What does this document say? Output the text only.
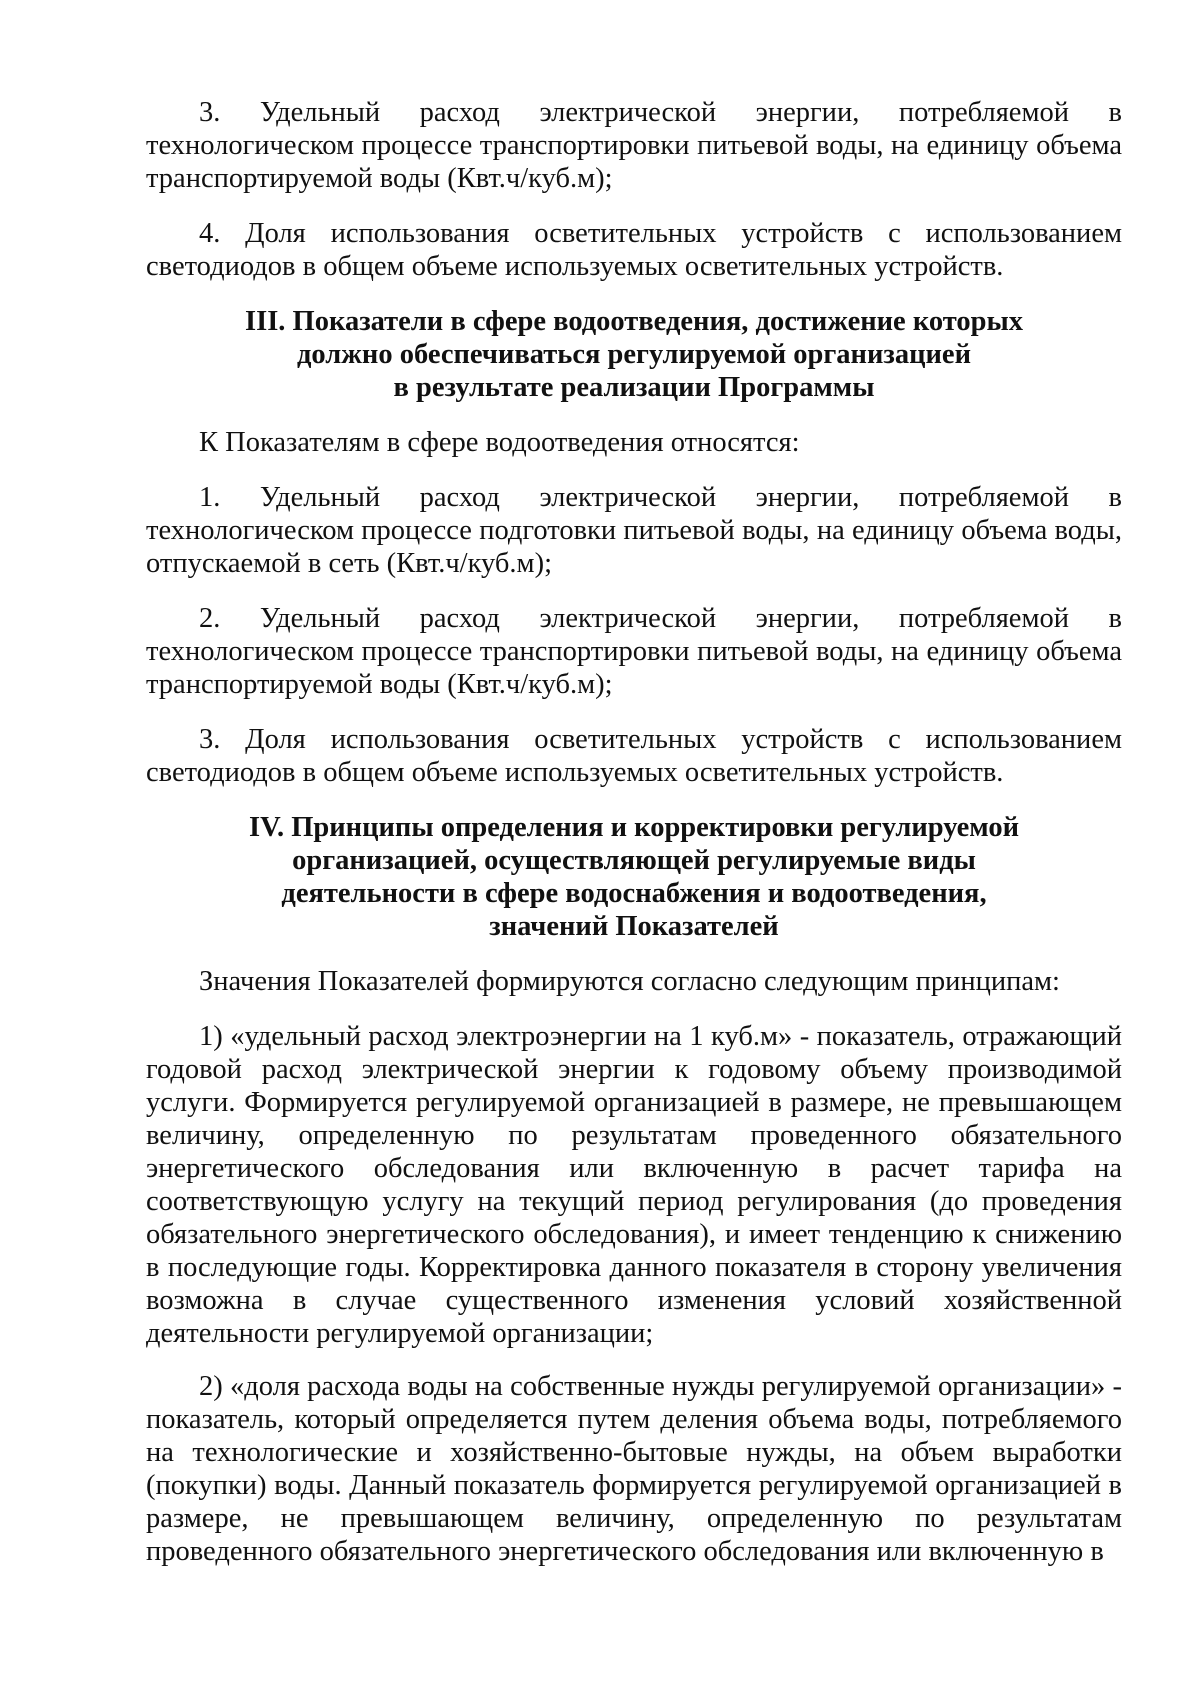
3. Удельный расход электрической энергии, потребляемой в технологическом процессе транспортировки питьевой воды, на единицу объема транспортируемой воды (Квт.ч/куб.м);

4. Доля использования осветительных устройств с использованием светодиодов в общем объеме используемых осветительных устройств.

III. Показатели в сфере водоотведения, достижение которых
должно обеспечиваться регулируемой организацией
в результате реализации Программы

К Показателям в сфере водоотведения относятся:

1. Удельный расход электрической энергии, потребляемой в технологическом процессе подготовки питьевой воды, на единицу объема воды, отпускаемой в сеть (Квт.ч/куб.м);

2. Удельный расход электрической энергии, потребляемой в технологическом процессе транспортировки питьевой воды, на единицу объема транспортируемой воды (Квт.ч/куб.м);

3. Доля использования осветительных устройств с использованием светодиодов в общем объеме используемых осветительных устройств.

IV. Принципы определения и корректировки регулируемой
организацией, осуществляющей регулируемые виды
деятельности в сфере водоснабжения и водоотведения,
значений Показателей

Значения Показателей формируются согласно следующим принципам:

1) «удельный расход электроэнергии на 1 куб.м» - показатель, отражающий годовой расход электрической энергии к годовому объему производимой услуги. Формируется регулируемой организацией в размере, не превышающем величину, определенную по результатам проведенного обязательного энергетического обследования или включенную в расчет тарифа на соответствующую услугу на текущий период регулирования (до проведения обязательного энергетического обследования), и имеет тенденцию к снижению в последующие годы. Корректировка данного показателя в сторону увеличения возможна в случае существенного изменения условий хозяйственной деятельности регулируемой организации;

2) «доля расхода воды на собственные нужды регулируемой организации» - показатель, который определяется путем деления объема воды, потребляемого на технологические и хозяйственно-бытовые нужды, на объем выработки (покупки) воды. Данный показатель формируется регулируемой организацией в размере, не превышающем величину, определенную по результатам проведенного обязательного энергетического обследования или включенную в
